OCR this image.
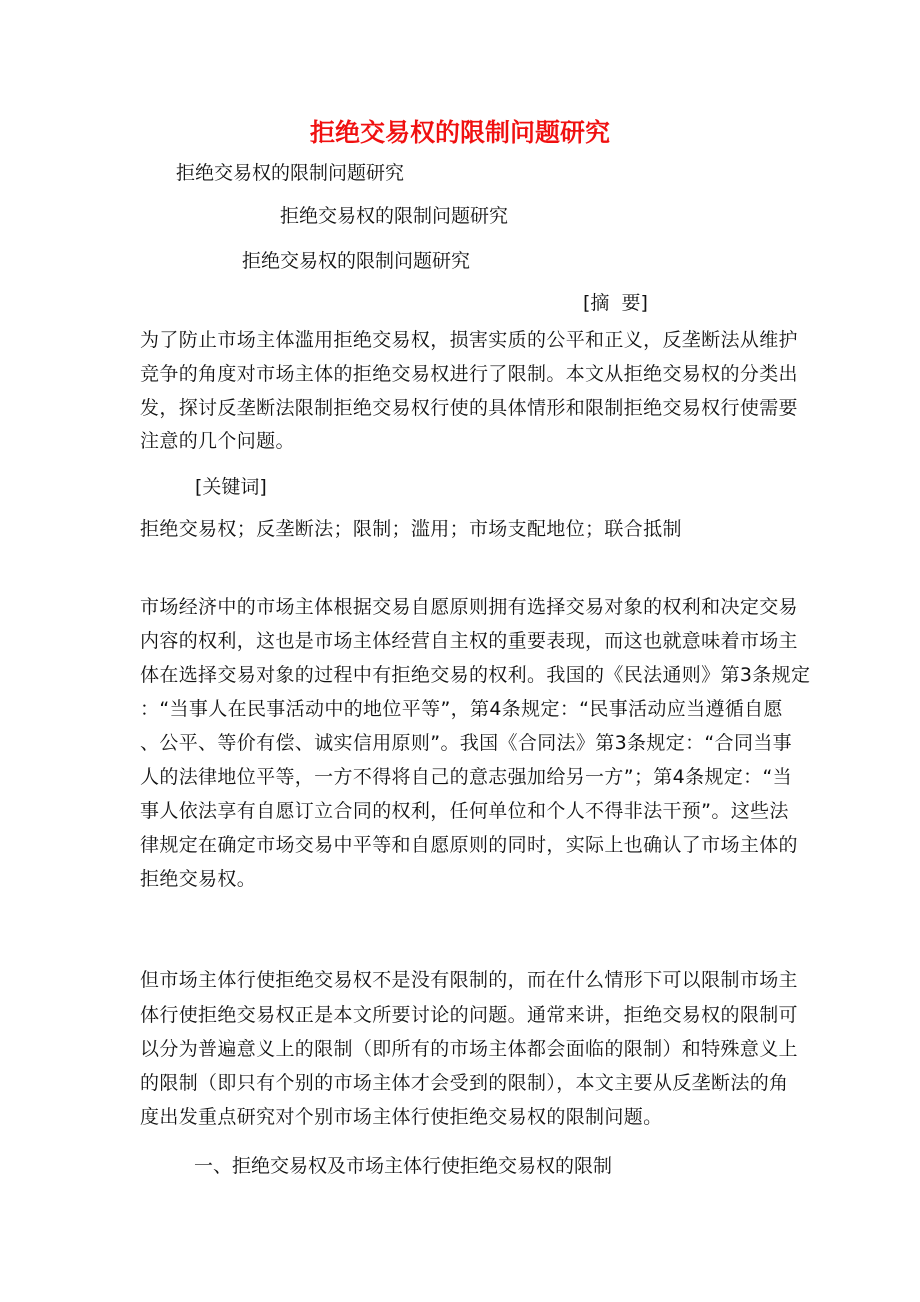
拒绝交易权的限制问题研究
拒绝交易权的限制问题研究
拒绝交易权的限制问题研究
拒绝交易权的限制问题研究
[摘  要]
为了防止市场主体滥用拒绝交易权，损害实质的公平和正义，反垄断法从维护
竞争的角度对市场主体的拒绝交易权进行了限制。本文从拒绝交易权的分类出
发，探讨反垄断法限制拒绝交易权行使的具体情形和限制拒绝交易权行使需要
注意的几个问题。
[关键词]
拒绝交易权；反垄断法；限制；滥用；市场支配地位；联合抵制
市场经济中的市场主体根据交易自愿原则拥有选择交易对象的权利和决定交易
内容的权利，这也是市场主体经营自主权的重要表现，而这也就意味着市场主
体在选择交易对象的过程中有拒绝交易的权利。我国的《民法通则》第3条规定
：“当事人在民事活动中的地位平等”，第4条规定：“民事活动应当遵循自愿
、公平、等价有偿、诚实信用原则”。我国《合同法》第3条规定：“合同当事
人的法律地位平等，一方不得将自己的意志强加给另一方”；第4条规定：“当
事人依法享有自愿订立合同的权利，任何单位和个人不得非法干预”。这些法
律规定在确定市场交易中平等和自愿原则的同时，实际上也确认了市场主体的
拒绝交易权。
但市场主体行使拒绝交易权不是没有限制的，而在什么情形下可以限制市场主
体行使拒绝交易权正是本文所要讨论的问题。通常来讲，拒绝交易权的限制可
以分为普遍意义上的限制（即所有的市场主体都会面临的限制）和特殊意义上
的限制（即只有个别的市场主体才会受到的限制），本文主要从反垄断法的角
度出发重点研究对个别市场主体行使拒绝交易权的限制问题。
一、拒绝交易权及市场主体行使拒绝交易权的限制
